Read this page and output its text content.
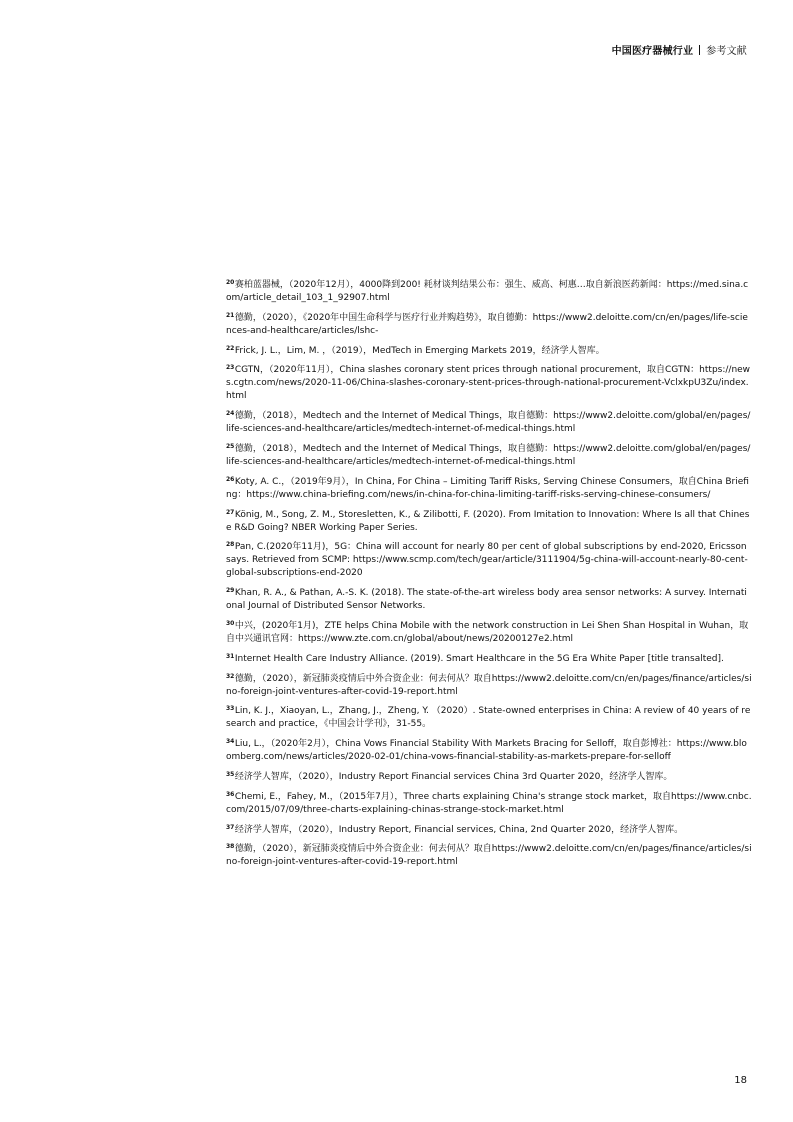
中国医疗器械行业 参考文献
$^{20}$赛柏蓝器械，（2020年12月），4000降到200! 耗材谈判结果公布：强生、威高、柯惠…取自新浪医药新闻：https://med.sina.com/article_detail_103_1_92907.html
$^{21}$德勤，（2020），《2020年中国生命科学与医疗行业并购趋势》，取自德勤：https://www2.deloitte.com/cn/en/pages/life-sciences-and-healthcare/articles/lshc-
$^{22}$Frick, J. L.，Lim, M. ，（2019），MedTech in Emerging Markets 2019，经济学人智库。
$^{23}$CGTN，（2020年11月），China slashes coronary stent prices through national procurement，取自CGTN：https://news.cgtn.com/news/2020-11-06/China-slashes-coronary-stent-prices-through-national-procurement-VclxkpU3Zu/index.html
$^{24}$德勤，（2018），Medtech and the Internet of Medical Things，取自德勤：https://www2.deloitte.com/global/en/pages/life-sciences-and-healthcare/articles/medtech-internet-of-medical-things.html
$^{25}$德勤，（2018），Medtech and the Internet of Medical Things，取自德勤：https://www2.deloitte.com/global/en/pages/life-sciences-and-healthcare/articles/medtech-internet-of-medical-things.html
$^{26}$Koty, A. C.，（2019年9月），In China, For China – Limiting Tariff Risks, Serving Chinese Consumers，取自China Briefing：https://www.china-briefing.com/news/in-china-for-china-limiting-tariff-risks-serving-chinese-consumers/
$^{27}$König, M., Song, Z. M., Storesletten, K., & Zilibotti, F. (2020). From Imitation to Innovation: Where Is all that Chinese R&D Going? NBER Working Paper Series.
$^{28}$Pan, C.(2020年11月)，5G：China will account for nearly 80 per cent of global subscriptions by end-2020, Ericsson says. Retrieved from SCMP: https://www.scmp.com/tech/gear/article/3111904/5g-china-will-account-nearly-80-cent-global-subscriptions-end-2020
$^{29}$Khan, R. A., & Pathan, A.-S. K. (2018). The state-of-the-art wireless body area sensor networks: A survey. International Journal of Distributed Sensor Networks.
$^{30}$中兴，(2020年1月)，ZTE helps China Mobile with the network construction in Lei Shen Shan Hospital in Wuhan，取自中兴通讯官网：https://www.zte.com.cn/global/about/news/20200127e2.html
$^{31}$Internet Health Care Industry Alliance. (2019). Smart Healthcare in the 5G Era White Paper [title transalted].
$^{32}$德勤，（2020），新冠肺炎疫情后中外合资企业：何去何从？取自https://www2.deloitte.com/cn/en/pages/finance/articles/sino-foreign-joint-ventures-after-covid-19-report.html
$^{33}$Lin, K. J.，Xiaoyan, L.，Zhang, J.，Zheng, Y. （2020）. State-owned enterprises in China: A review of 40 years of research and practice，《中国会计学刊》，31-55。
$^{34}$Liu, L.，（2020年2月），China Vows Financial Stability With Markets Bracing for Selloff，取自彭博社：https://www.bloomberg.com/news/articles/2020-02-01/china-vows-financial-stability-as-markets-prepare-for-selloff
$^{35}$经济学人智库，（2020），Industry Report Financial services China 3rd Quarter 2020，经济学人智库。
$^{36}$Chemi, E.，Fahey, M.，（2015年7月），Three charts explaining China's strange stock market，取自https://www.cnbc.com/2015/07/09/three-charts-explaining-chinas-strange-stock-market.html
$^{37}$经济学人智库，（2020），Industry Report, Financial services, China, 2nd Quarter 2020，经济学人智库。
$^{38}$德勤，（2020），新冠肺炎疫情后中外合资企业：何去何从？取自https://www2.deloitte.com/cn/en/pages/finance/articles/sino-foreign-joint-ventures-after-covid-19-report.html
18
